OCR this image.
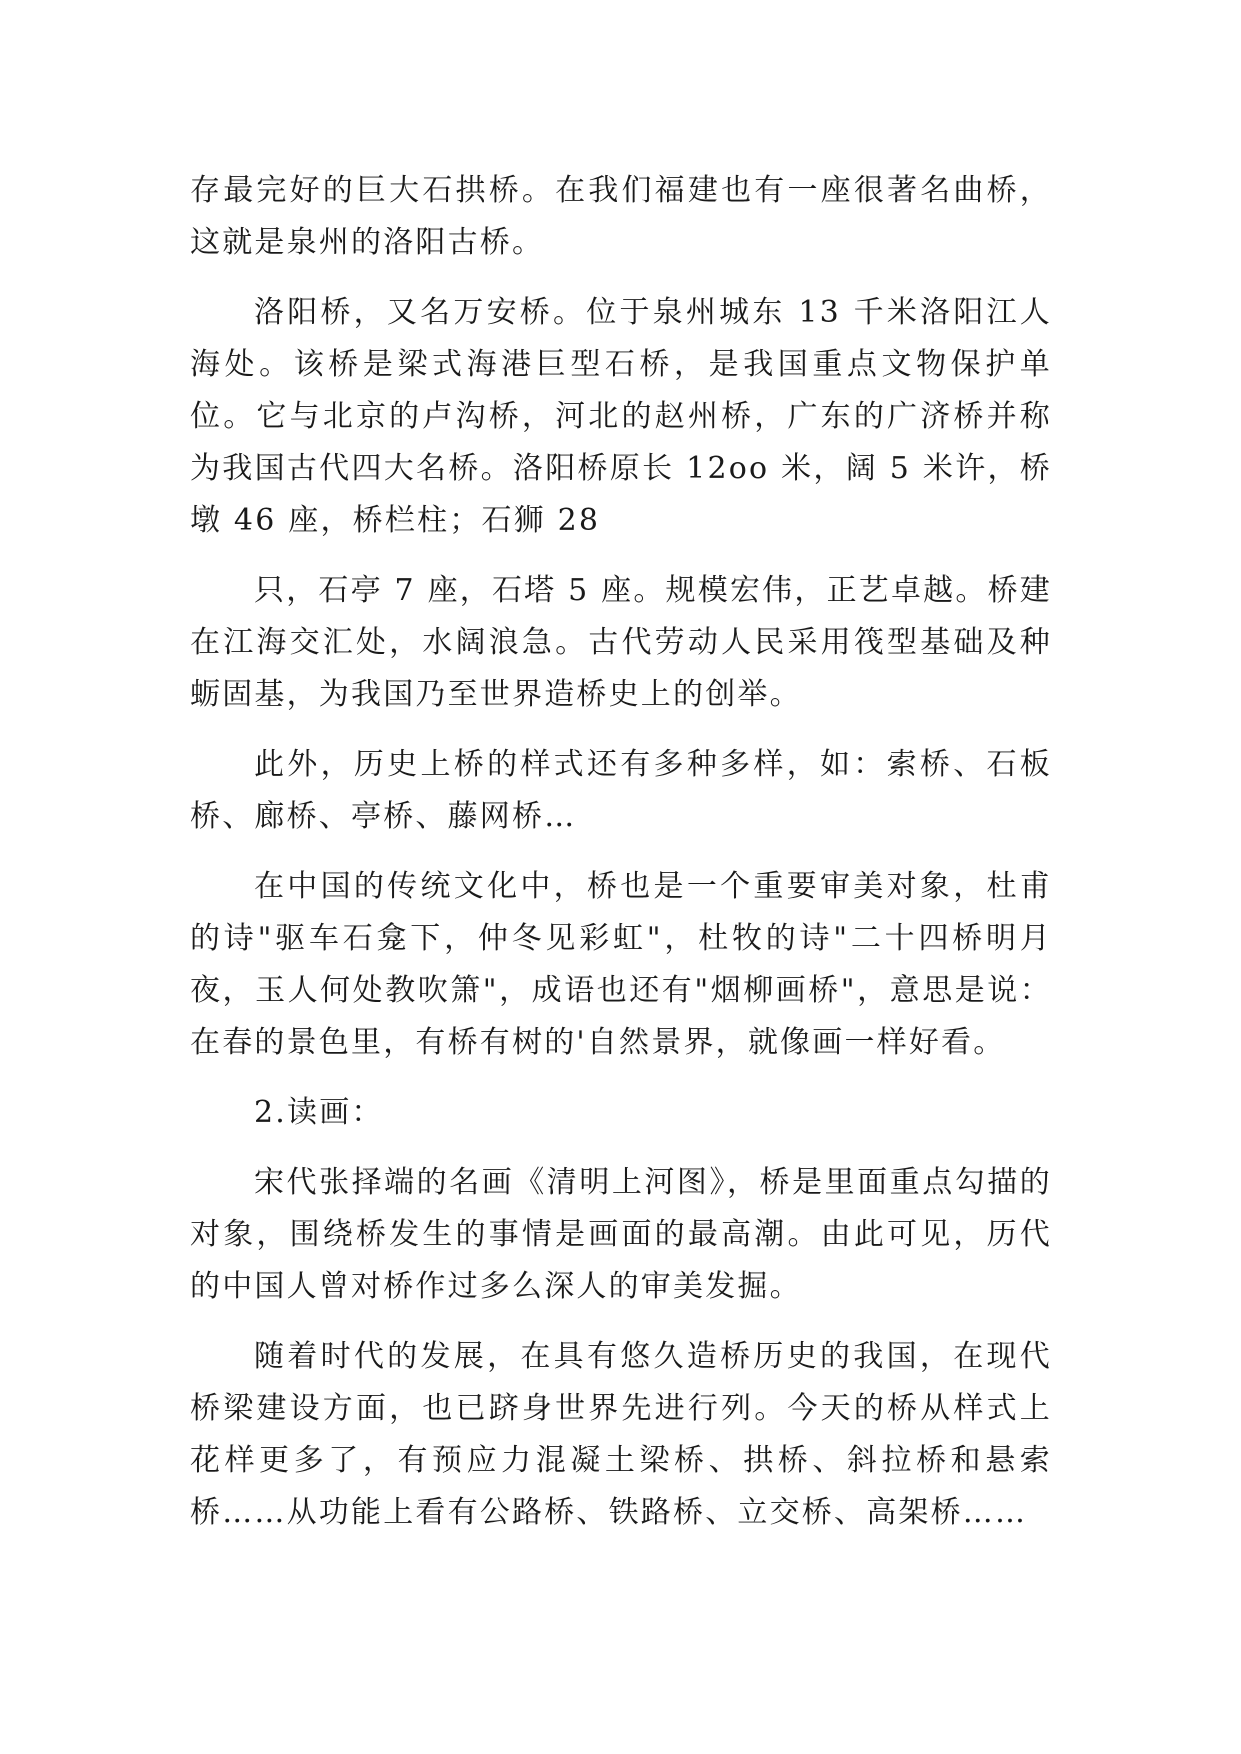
存最完好的巨大石拱桥。在我们福建也有一座很著名曲桥，这就是泉州的洛阳古桥。

洛阳桥，又名万安桥。位于泉州城东 13 千米洛阳江人海处。该桥是梁式海港巨型石桥，是我国重点文物保护单位。它与北京的卢沟桥，河北的赵州桥，广东的广济桥并称为我国古代四大名桥。洛阳桥原长 12oo 米，阔 5 米许，桥墩 46 座，桥栏柱；石狮 28

只，石亭 7 座，石塔 5 座。规模宏伟，正艺卓越。桥建在江海交汇处，水阔浪急。古代劳动人民采用筏型基础及种蛎固基，为我国乃至世界造桥史上的创举。

此外，历史上桥的样式还有多种多样，如：索桥、石板桥、廊桥、亭桥、藤网桥…

在中国的传统文化中，桥也是一个重要审美对象，杜甫的诗"驱车石龛下，仲冬见彩虹"，杜牧的诗"二十四桥明月夜，玉人何处教吹箫"，成语也还有"烟柳画桥"，意思是说：在春的景色里，有桥有树的'自然景界，就像画一样好看。

2.读画：

宋代张择端的名画《清明上河图》，桥是里面重点勾描的对象，围绕桥发生的事情是画面的最高潮。由此可见，历代的中国人曾对桥作过多么深人的审美发掘。

随着时代的发展，在具有悠久造桥历史的我国，在现代桥梁建设方面，也已跻身世界先进行列。今天的桥从样式上花样更多了，有预应力混凝土梁桥、拱桥、斜拉桥和悬索桥……从功能上看有公路桥、铁路桥、立交桥、高架桥……
